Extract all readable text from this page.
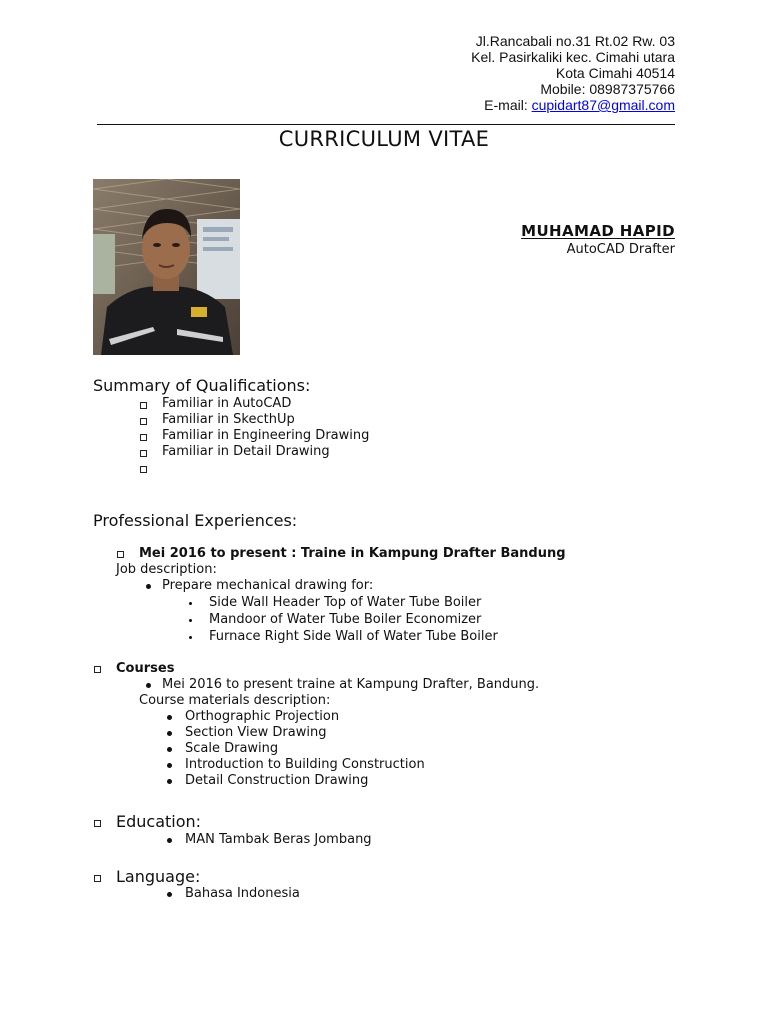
Jl.Rancabali no.31 Rt.02 Rw. 03
Kel. Pasirkaliki kec. Cimahi utara
Kota Cimahi 40514
Mobile: 08987375766
E-mail: cupidart87@gmail.com
CURRICULUM VITAE
MUHAMAD HAPID
AutoCAD Drafter
Summary of Qualifications:
Familiar in AutoCAD
Familiar in SkecthUp
Familiar in Engineering Drawing
Familiar in Detail Drawing
Professional Experiences:
Mei 2016 to present : Traine in Kampung Drafter Bandung
Job description:
Prepare mechanical drawing for:
Side Wall Header Top of Water Tube Boiler
Mandoor of Water Tube Boiler Economizer
Furnace Right Side Wall of Water Tube Boiler
Courses
Mei 2016 to present traine at Kampung Drafter, Bandung.
Course materials description:
Orthographic Projection
Section View Drawing
Scale Drawing
Introduction to Building Construction
Detail Construction Drawing
Education:
MAN Tambak Beras Jombang
Language:
Bahasa Indonesia
